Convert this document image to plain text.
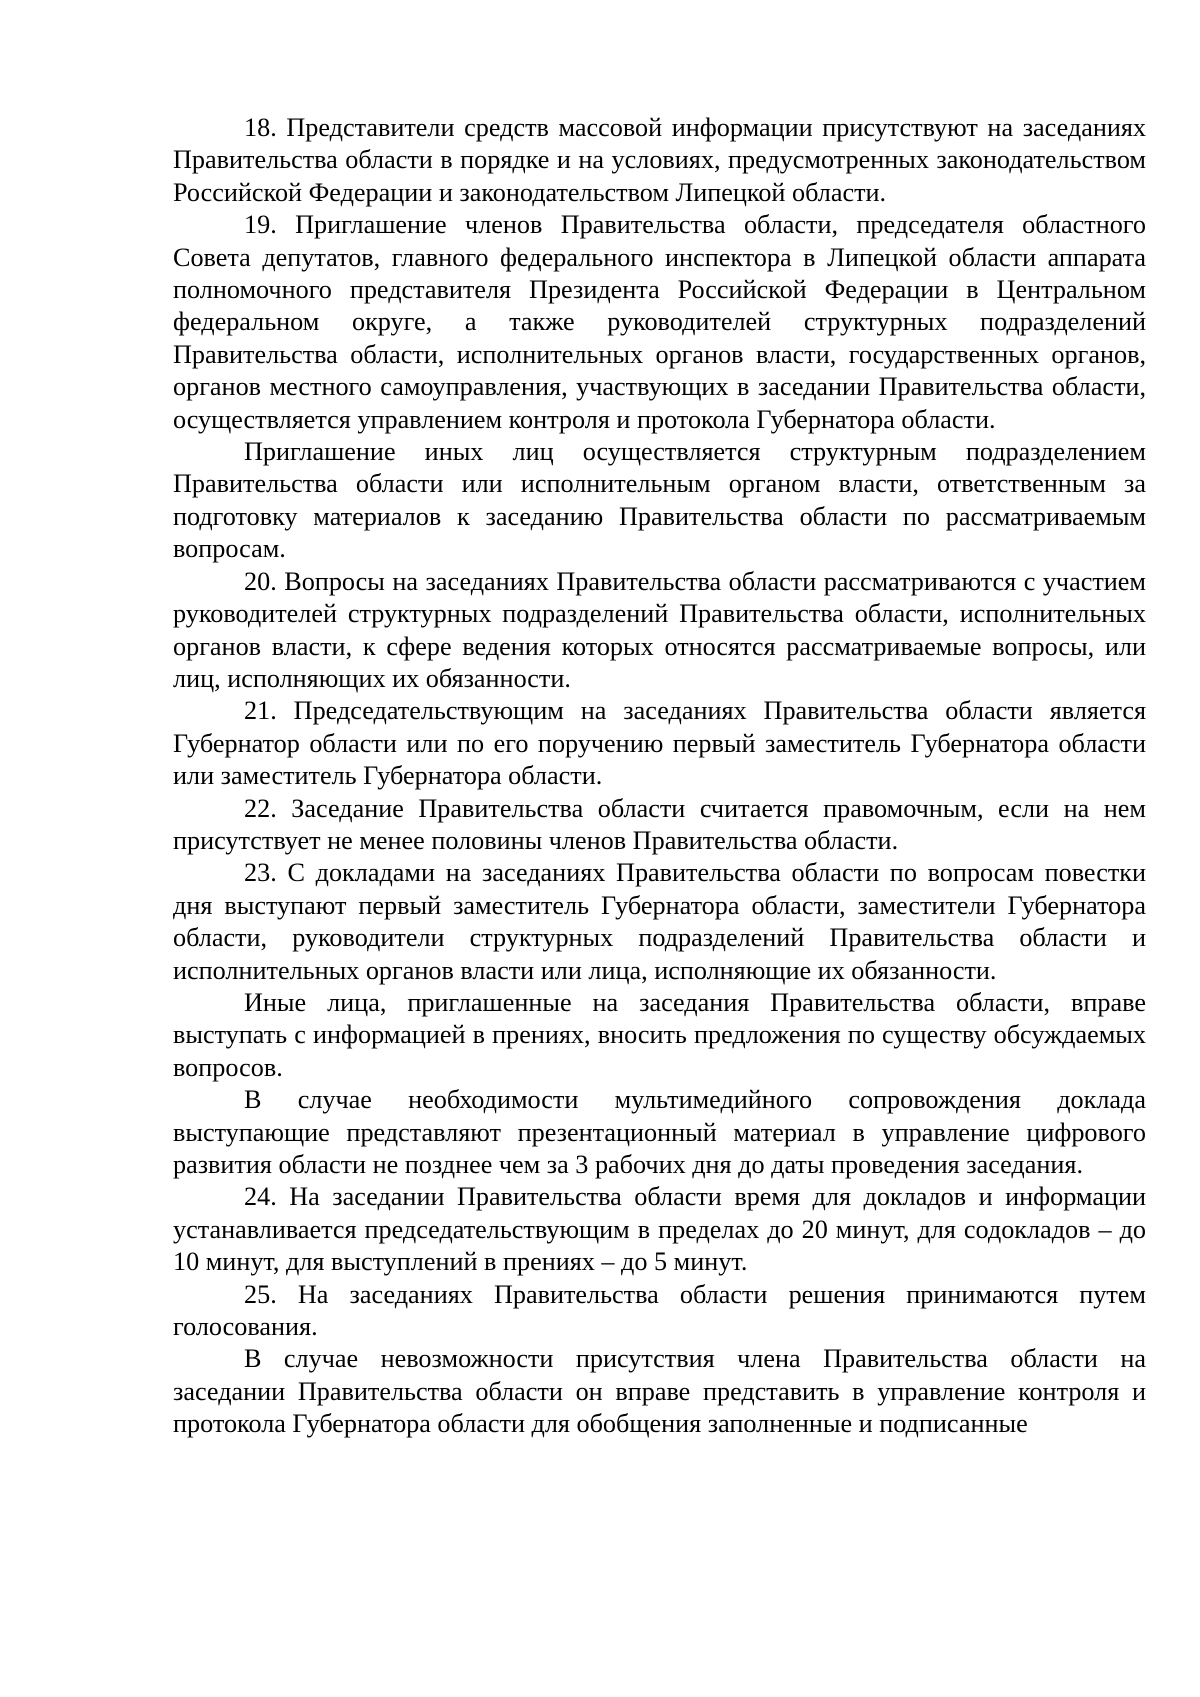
18. Представители средств массовой информации присутствуют на заседаниях Правительства области в порядке и на условиях, предусмотренных законодательством Российской Федерации и законодательством Липецкой области.

19. Приглашение членов Правительства области, председателя областного Совета депутатов, главного федерального инспектора в Липецкой области аппарата полномочного представителя Президента Российской Федерации в Центральном федеральном округе, а также руководителей структурных подразделений Правительства области, исполнительных органов власти, государственных органов, органов местного самоуправления, участвующих в заседании Правительства области, осуществляется управлением контроля и протокола Губернатора области.

Приглашение иных лиц осуществляется структурным подразделением Правительства области или исполнительным органом власти, ответственным за подготовку материалов к заседанию Правительства области по рассматриваемым вопросам.

20. Вопросы на заседаниях Правительства области рассматриваются с участием руководителей структурных подразделений Правительства области, исполнительных органов власти, к сфере ведения которых относятся рассматриваемые вопросы, или лиц, исполняющих их обязанности.

21. Председательствующим на заседаниях Правительства области является Губернатор области или по его поручению первый заместитель Губернатора области или заместитель Губернатора области.

22. Заседание Правительства области считается правомочным, если на нем присутствует не менее половины членов Правительства области.

23. С докладами на заседаниях Правительства области по вопросам повестки дня выступают первый заместитель Губернатора области, заместители Губернатора области, руководители структурных подразделений Правительства области и исполнительных органов власти или лица, исполняющие их обязанности.

Иные лица, приглашенные на заседания Правительства области, вправе выступать с информацией в прениях, вносить предложения по существу обсуждаемых вопросов.

В случае необходимости мультимедийного сопровождения доклада выступающие представляют презентационный материал в управление цифрового развития области не позднее чем за 3 рабочих дня до даты проведения заседания.

24. На заседании Правительства области время для докладов и информации устанавливается председательствующим в пределах до 20 минут, для содокладов – до 10 минут, для выступлений в прениях – до 5 минут.

25. На заседаниях Правительства области решения принимаются путем голосования.

В случае невозможности присутствия члена Правительства области на заседании Правительства области он вправе представить в управление контроля и протокола Губернатора области для обобщения заполненные и подписанные
